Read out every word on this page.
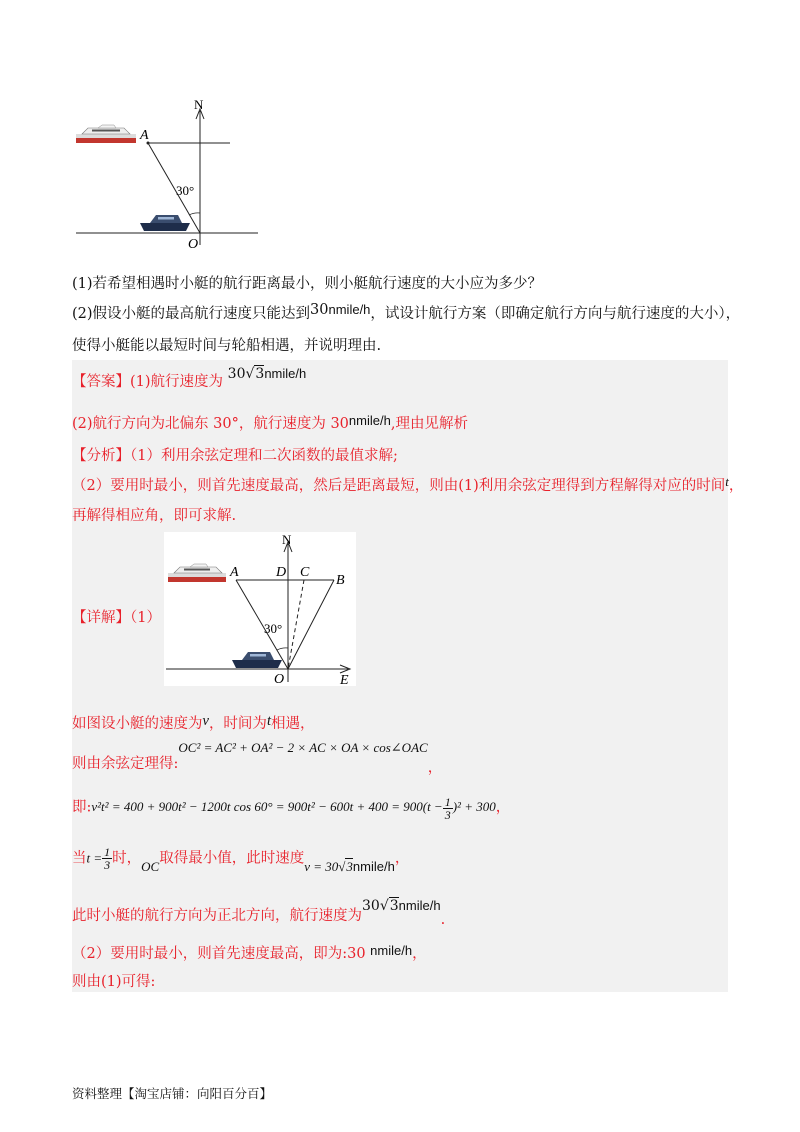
N
A
O
30°
(1)若希望相遇时小艇的航行距离最小，则小艇航行速度的大小应为多少？
(2)假设小艇的最高航行速度只能达到30nmile/h，试设计航行方案（即确定航行方向与航行速度的大小），
使得小艇能以最短时间与轮船相遇，并说明理由.
【答案】(1)航行速度为 30√3nmile/h
(2)航行方向为北偏东 30°，航行速度为 30nmile/h,理由见解析
【分析】（1）利用余弦定理和二次函数的最值求解;
（2）要用时最小，则首先速度最高，然后是距离最短，则由(1)利用余弦定理得到方程解得对应的时间t，
再解得相应角，即可求解.
N
A	D C
B
O	E
30°
【详解】（1）
如图设小艇的速度为v，时间为t相遇，
则由余弦定理得:OC² = AC² + OA² − 2 × AC × OA × cos∠OAC，
即:v²t² = 400 + 900t² − 1200t $\cos 60^\circ = 900t^2 - 600t + 400 = 900(t - \frac{1}{3} )^2 + 300$，
当$t = \frac{1}{3}$ 时，OC取得最小值，此时速度v = 30√3nmile/h，
此时小艇的航行方向为正北方向，航行速度为30√3nmile/h.
（2）要用时最小，则首先速度最高，即为:30 nmile/h，
则由(1)可得:
资料整理【淘宝店铺：向阳百分百】
